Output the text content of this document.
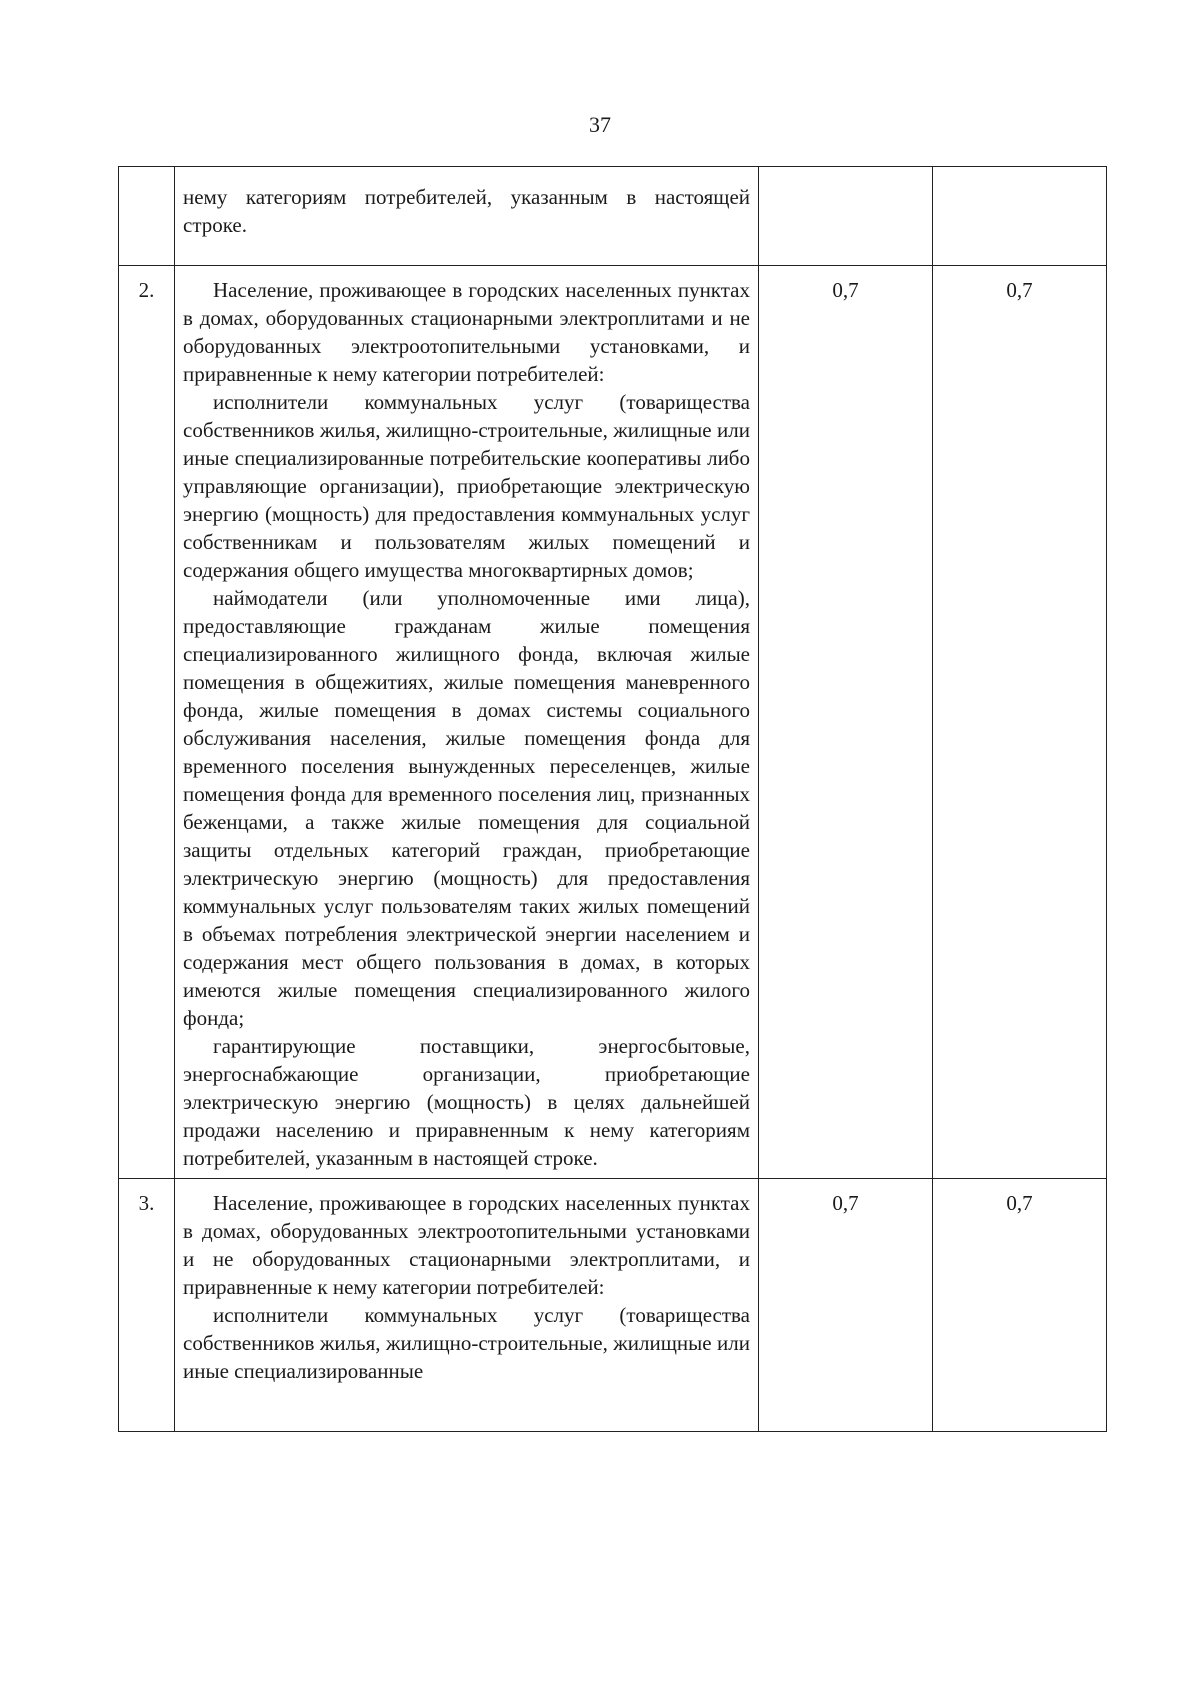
37

	нему категориям потребителей, указанным в настоящей строке.		

2.	Население, проживающее в городских населенных пунктах в домах, оборудованных стационарными электроплитами и не оборудованных электроотопительными установками, и приравненные к нему категории потребителей:

исполнители коммунальных услуг (товарищества собственников жилья, жилищно-строительные, жилищные или иные специализированные потребительские кооперативы либо управляющие организации), приобретающие электрическую энергию (мощность) для предоставления коммунальных услуг собственникам и пользователям жилых помещений и содержания общего имущества многоквартирных домов;

наймодатели (или уполномоченные ими лица), предоставляющие гражданам жилые помещения специализированного жилищного фонда, включая жилые помещения в общежитиях, жилые помещения маневренного фонда, жилые помещения в домах системы социального обслуживания населения, жилые помещения фонда для временного поселения вынужденных переселенцев, жилые помещения фонда для временного поселения лиц, признанных беженцами, а также жилые помещения для социальной защиты отдельных категорий граждан, приобретающие электрическую энергию (мощность) для предоставления коммунальных услуг пользователям таких жилых помещений в объемах потребления электрической энергии населением и содержания мест общего пользования в домах, в которых имеются жилые помещения специализированного жилого фонда;

гарантирующие поставщики, энергосбытовые, энергоснабжающие организации, приобретающие электрическую энергию (мощность) в целях дальнейшей продажи населению и приравненным к нему категориям потребителей, указанным в настоящей строке.	0,7	0,7
3.	Население, проживающее в городских населенных пунктах в домах, оборудованных электроотопительными установками и не оборудованных стационарными электроплитами, и приравненные к нему категории потребителей:

исполнители коммунальных услуг (товарищества собственников жилья, жилищно-строительные, жилищные или иные специализированные	0,7	0,7
